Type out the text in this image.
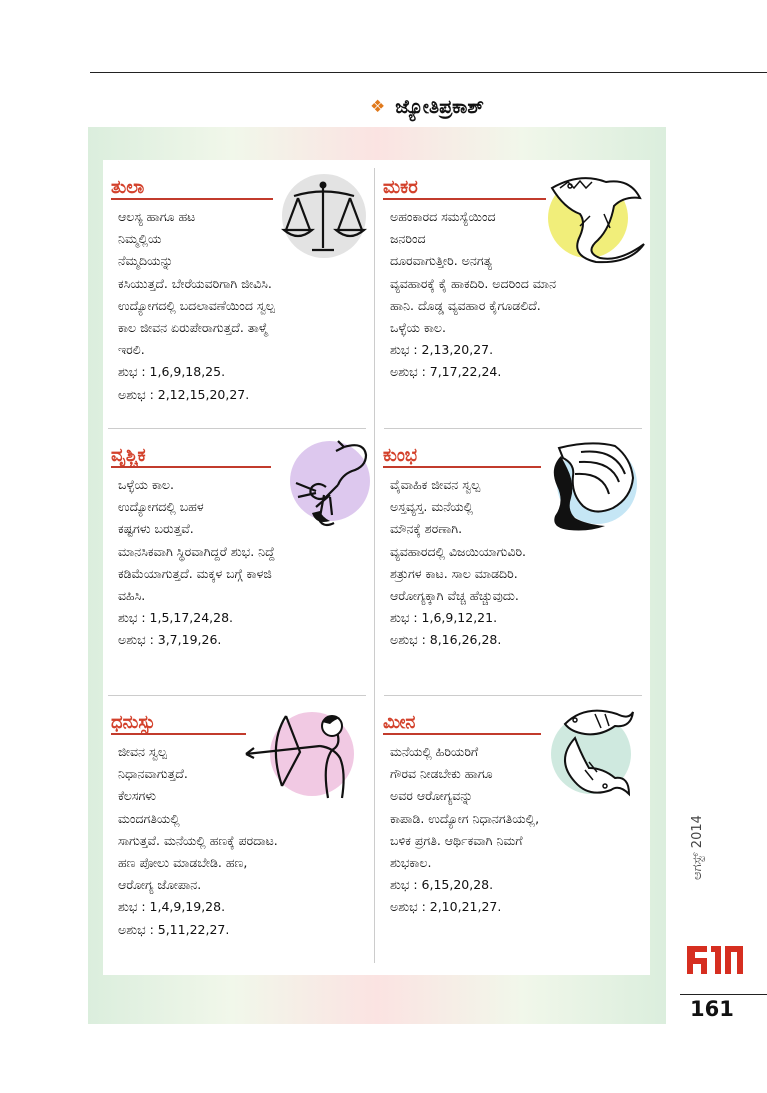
❖ ಜ್ಯೋತಿಪ್ರಕಾಶ್
ತುಲಾ
ಆಲಸ್ಯ ಹಾಗೂ ಹಟ
ನಿಮ್ಮಲ್ಲಿಯ
ನೆಮ್ಮದಿಯನ್ನು
ಕಸಿಯುತ್ತದೆ. ಬೇರೆಯವರಿಗಾಗಿ ಜೀವಿಸಿ.
ಉದ್ಯೋಗದಲ್ಲಿ ಬದಲಾವಣೆಯಿಂದ ಸ್ವಲ್ಪ
ಕಾಲ ಜೀವನ ಏರುಪೇರಾಗುತ್ತದೆ. ತಾಳ್ಮೆ
ಇರಲಿ.
ಶುಭ : 1,6,9,18,25.
ಅಶುಭ : 2,12,15,20,27.
ಮಕರ
ಅಹಂಕಾರದ ಸಮಸ್ಯೆಯಿಂದ
ಜನರಿಂದ
ದೂರವಾಗುತ್ತೀರಿ. ಅನಗತ್ಯ
ವ್ಯವಹಾರಕ್ಕೆ ಕೈ ಹಾಕದಿರಿ. ಅದರಿಂದ ಮಾನ
ಹಾನಿ. ದೊಡ್ಡ ವ್ಯವಹಾರ ಕೈಗೂಡಲಿದೆ.
ಒಳ್ಳೆಯ ಕಾಲ.
ಶುಭ : 2,13,20,27.
ಅಶುಭ : 7,17,22,24.
ವೃಶ್ಚಿಕ
ಒಳ್ಳೆಯ ಕಾಲ.
ಉದ್ಯೋಗದಲ್ಲಿ ಬಹಳ
ಕಷ್ಟಗಳು ಬರುತ್ತವೆ.
ಮಾನಸಿಕವಾಗಿ ಸ್ಥಿರವಾಗಿದ್ದರೆ ಶುಭ. ನಿದ್ದೆ
ಕಡಿಮೆಯಾಗುತ್ತದೆ. ಮಕ್ಕಳ ಬಗ್ಗೆ ಕಾಳಜಿ
ವಹಿಸಿ.
ಶುಭ : 1,5,17,24,28.
ಅಶುಭ : 3,7,19,26.
ಕುಂಭ
ವೈವಾಹಿಕ ಜೀವನ ಸ್ವಲ್ಪ
ಅಸ್ತವ್ಯಸ್ತ. ಮನೆಯಲ್ಲಿ
ಮೌನಕ್ಕೆ ಶರಣಾಗಿ.
ವ್ಯವಹಾರದಲ್ಲಿ ವಿಜಯಿಯಾಗುವಿರಿ.
ಶತ್ರುಗಳ ಕಾಟ. ಸಾಲ ಮಾಡದಿರಿ.
ಆರೋಗ್ಯಕ್ಕಾಗಿ ವೆಚ್ಚ ಹೆಚ್ಚುವುದು.
ಶುಭ : 1,6,9,12,21.
ಅಶುಭ : 8,16,26,28.
ಧನುಸ್ಸು
ಜೀವನ ಸ್ವಲ್ಪ
ನಿಧಾನವಾಗುತ್ತದೆ.
ಕೆಲಸಗಳು
ಮಂದಗತಿಯಲ್ಲಿ
ಸಾಗುತ್ತವೆ. ಮನೆಯಲ್ಲಿ ಹಣಕ್ಕೆ ಪರದಾಟ.
ಹಣ ಪೋಲು ಮಾಡಬೇಡಿ. ಹಣ,
ಆರೋಗ್ಯ ಜೋಪಾನ.
ಶುಭ : 1,4,9,19,28.
ಅಶುಭ : 5,11,22,27.
ಮೀನ
ಮನೆಯಲ್ಲಿ ಹಿರಿಯರಿಗೆ
ಗೌರವ ನೀಡಬೇಕು ಹಾಗೂ
ಅವರ ಆರೋಗ್ಯವನ್ನು
ಕಾಪಾಡಿ. ಉದ್ಯೋಗ ನಿಧಾನಗತಿಯಲ್ಲಿ,
ಬಳಿಕ ಪ್ರಗತಿ. ಆರ್ಥಿಕವಾಗಿ ನಿಮಗೆ
ಶುಭಕಾಲ.
ಶುಭ : 6,15,20,28.
ಅಶುಭ : 2,10,21,27.
ಆಗಸ್ಟ್ 2014
161
